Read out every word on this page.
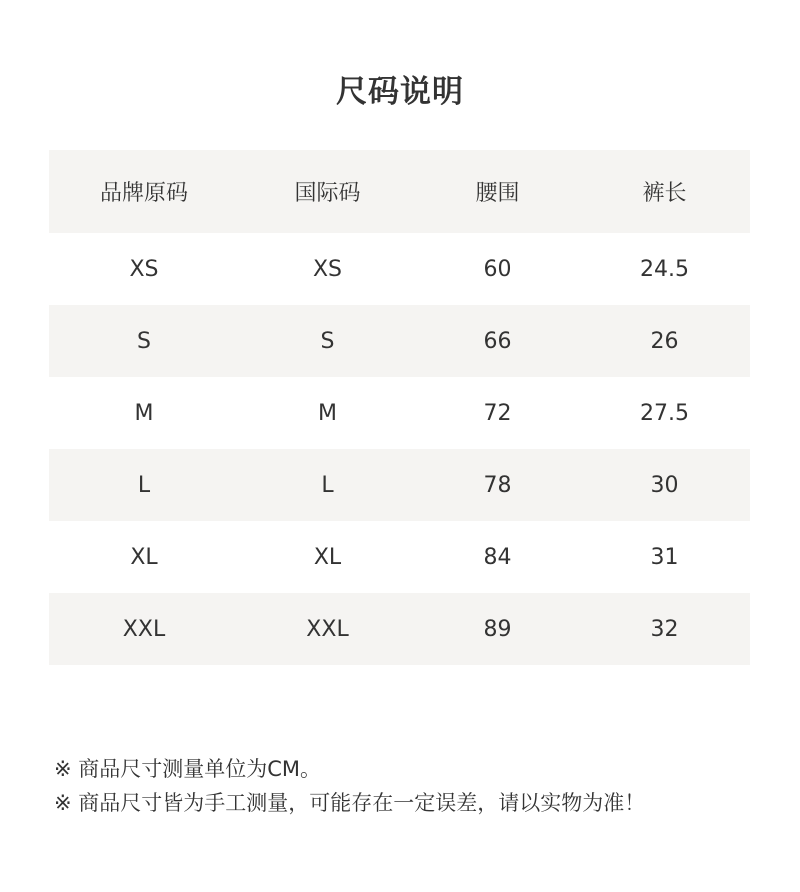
尺码说明
品牌原码	国际码	腰围	裤长
XS	XS	60	24.5
S	S	66	26
M	M	72	27.5
L	L	78	30
XL	XL	84	31
XXL	XXL	89	32
※ 商品尺寸测量单位为CM。
※ 商品尺寸皆为手工测量，可能存在一定误差，请以实物为准！
